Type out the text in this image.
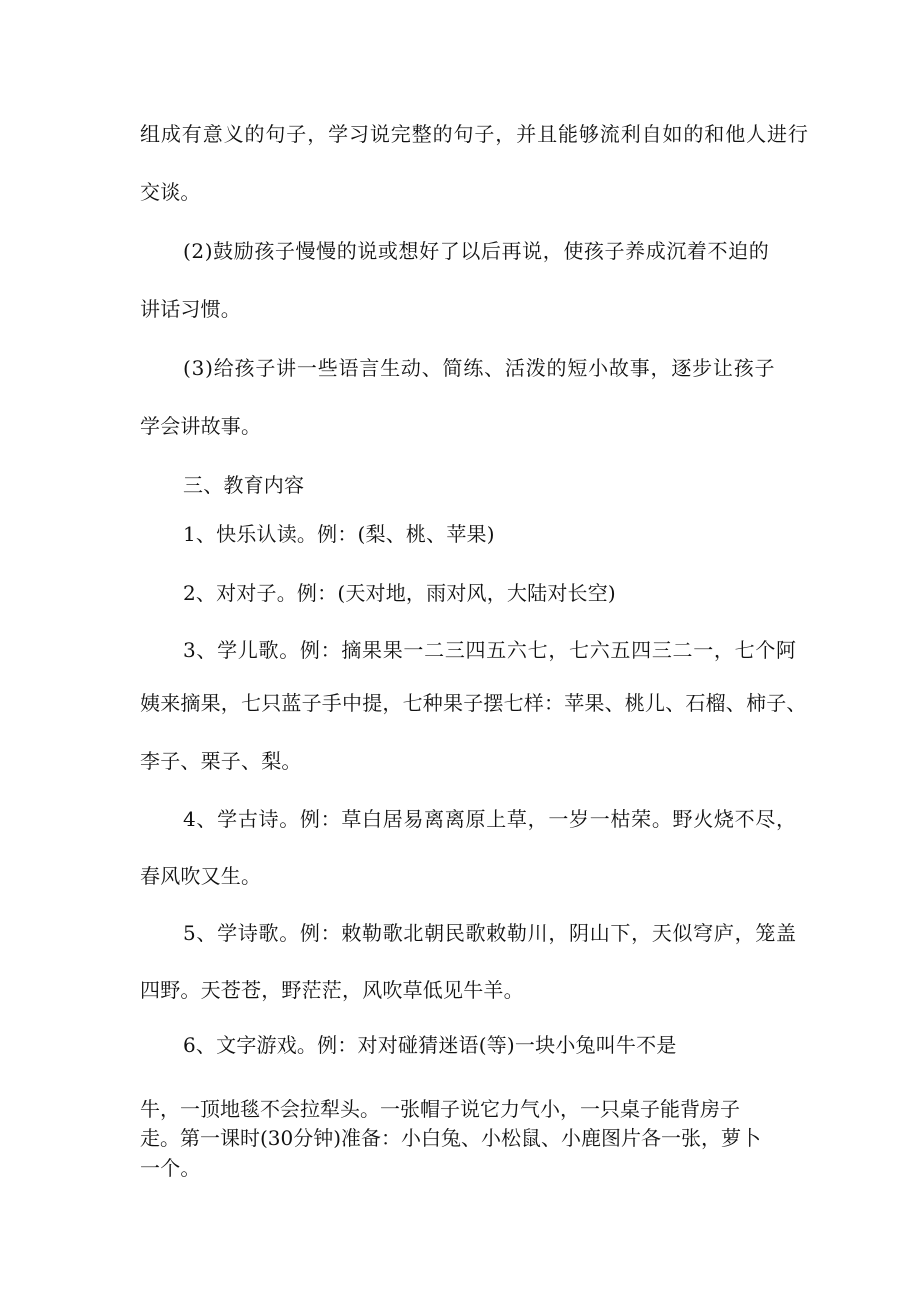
组成有意义的句子，学习说完整的句子，并且能够流利自如的和他人进行
交谈。
(2)鼓励孩子慢慢的说或想好了以后再说，使孩子养成沉着不迫的
讲话习惯。
(3)给孩子讲一些语言生动、简练、活泼的短小故事，逐步让孩子
学会讲故事。
三、教育内容
1、快乐认读。例：(梨、桃、苹果)
2、对对子。例：(天对地，雨对风，大陆对长空)
3、学儿歌。例：摘果果一二三四五六七，七六五四三二一，七个阿
姨来摘果，七只蓝子手中提，七种果子摆七样：苹果、桃儿、石榴、柿子、
李子、栗子、梨。
4、学古诗。例：草白居易离离原上草，一岁一枯荣。野火烧不尽，
春风吹又生。
5、学诗歌。例：敕勒歌北朝民歌敕勒川，阴山下，天似穹庐，笼盖
四野。天苍苍，野茫茫，风吹草低见牛羊。
6、文字游戏。例：对对碰猜迷语(等)一块小兔叫牛不是
牛，一顶地毯不会拉犁头。一张帽子说它力气小，一只桌子能背房子
走。第一课时(30分钟)准备：小白兔、小松鼠、小鹿图片各一张，萝卜
一个。
